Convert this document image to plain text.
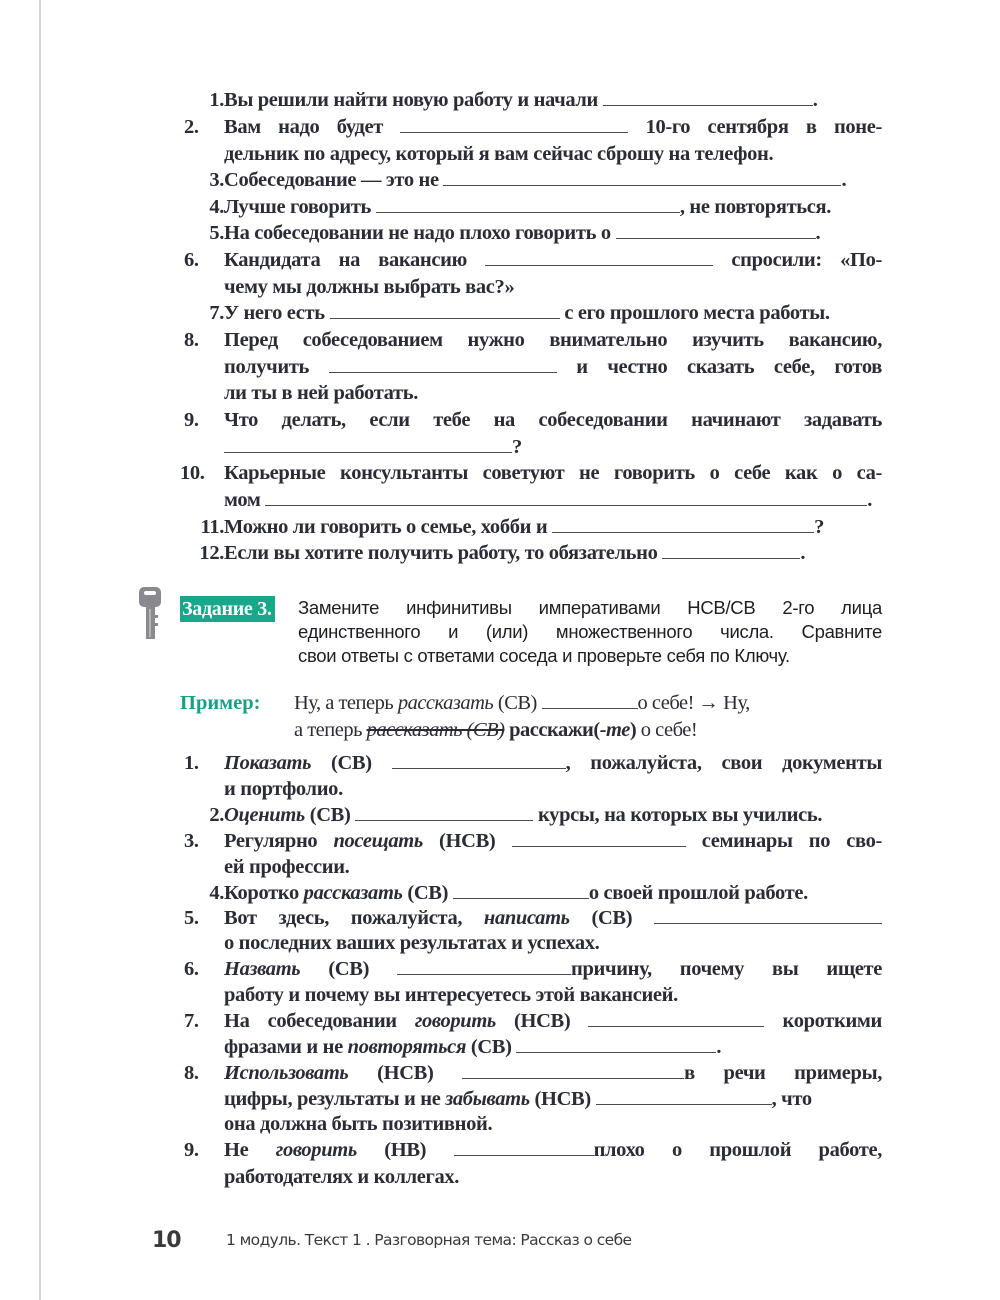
1. Вы решили найти новую работу и начали	.
2.	Вам надо будет	10-го сентября в поне-
дельник по адресу, который я вам сейчас сброшу на телефон.
3. Собеседование — это не	.
4. Лучше говорить	, не повторяться.
5. На собеседовании не надо плохо говорить о	.
6.	Кандидата на вакансию	спросили: «По-
чему мы должны выбрать вас?»
7. У него есть	с его прошлого места работы.
8.	Перед собеседованием нужно внимательно изучить вакансию,
получить	и честно сказать себе, готов
ли ты в ней работать.
9.	Что делать, если тебе на собеседовании начинают задавать
?
10. Карьерные консультанты советуют не говорить о себе как о са-
мом	.
11. Можно ли говорить о семье, хобби и	?
12. Если вы хотите получить работу, то обязательно	.
Задание 3. Замените инфинитивы императивами НСВ/СВ 2-го лица
единственного и (или) множественного числа. Сравните
свои ответы с ответами соседа и проверьте себя по Ключу.
Пример: Ну, а теперь рассказать (СВ)	о себе! → Ну,
а теперь рассказать (СВ) расскажи(-те) о себе!
1.	Показать (СВ)	, пожалуйста, свои документы
и портфолио.
2. Оценить (СВ)	курсы, на которых вы учились.
3.	Регулярно посещать (НСВ)	семинары по сво-
ей профессии.
4. Коротко рассказать (СВ)	о своей прошлой работе.
5.	Вот здесь, пожалуйста, написать (СВ)
о последних ваших результатах и успехах.
6.	Назвать (СВ)	причину, почему вы ищете
работу и почему вы интересуетесь этой вакансией.
7.	На собеседовании говорить (НСВ)	короткими
фразами и не повторяться (СВ)	.
8.	Использовать (НСВ)	в речи примеры,
цифры, результаты и не забывать (НСВ)	, что
она должна быть позитивной.
9.	Не говорить (НВ)	плохо о прошлой работе,
работодателях и коллегах.
10	1 модуль. Текст 1 . Разговорная тема: Рассказ о себе
